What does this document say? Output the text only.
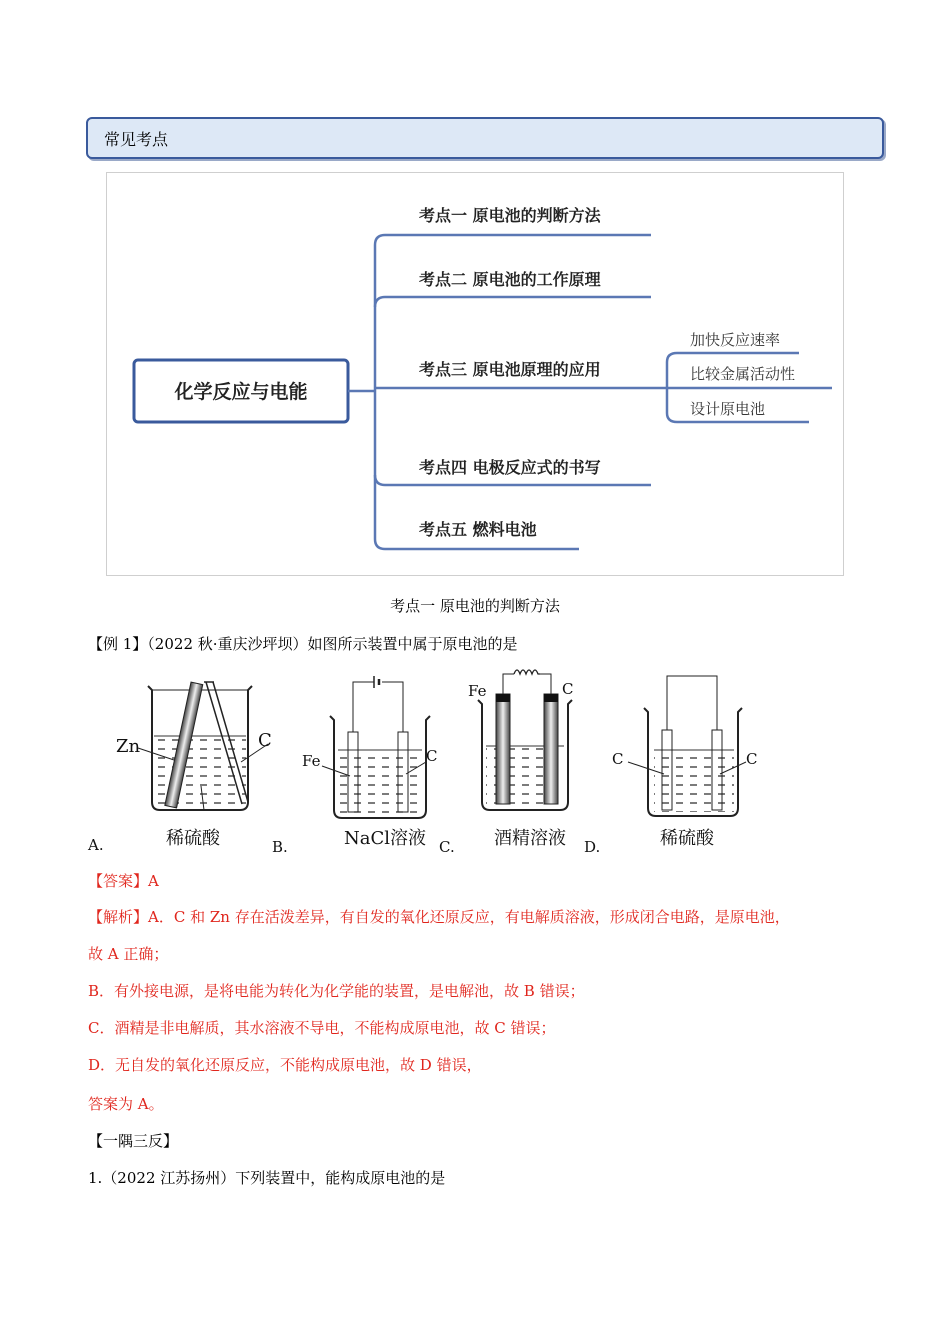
常见考点
化学反应与电能
考点一 原电池的判断方法
考点二 原电池的工作原理
考点三 原电池原理的应用
考点四 电极反应式的书写
考点五 燃料电池
加快反应速率
比较金属活动性
设计原电池
考点一 原电池的判断方法
【例 1】（2022 秋·重庆沙坪坝）如图所示装置中属于原电池的是
Zn	C
稀硫酸
A.
Fe	C
NaCl溶液
B.
Fe	C
酒精溶液
C.
C	C
稀硫酸
D.
【答案】A
【解析】A．C 和 Zn 存在活泼差异，有自发的氧化还原反应，有电解质溶液，形成闭合电路，是原电池，
故 A 正确；
B．有外接电源，是将电能为转化为化学能的装置，是电解池，故 B 错误；
C．酒精是非电解质，其水溶液不导电，不能构成原电池，故 C 错误；
D．无自发的氧化还原反应，不能构成原电池，故 D 错误，
答案为 A。
【一隅三反】
1.（2022 江苏扬州）下列装置中，能构成原电池的是
